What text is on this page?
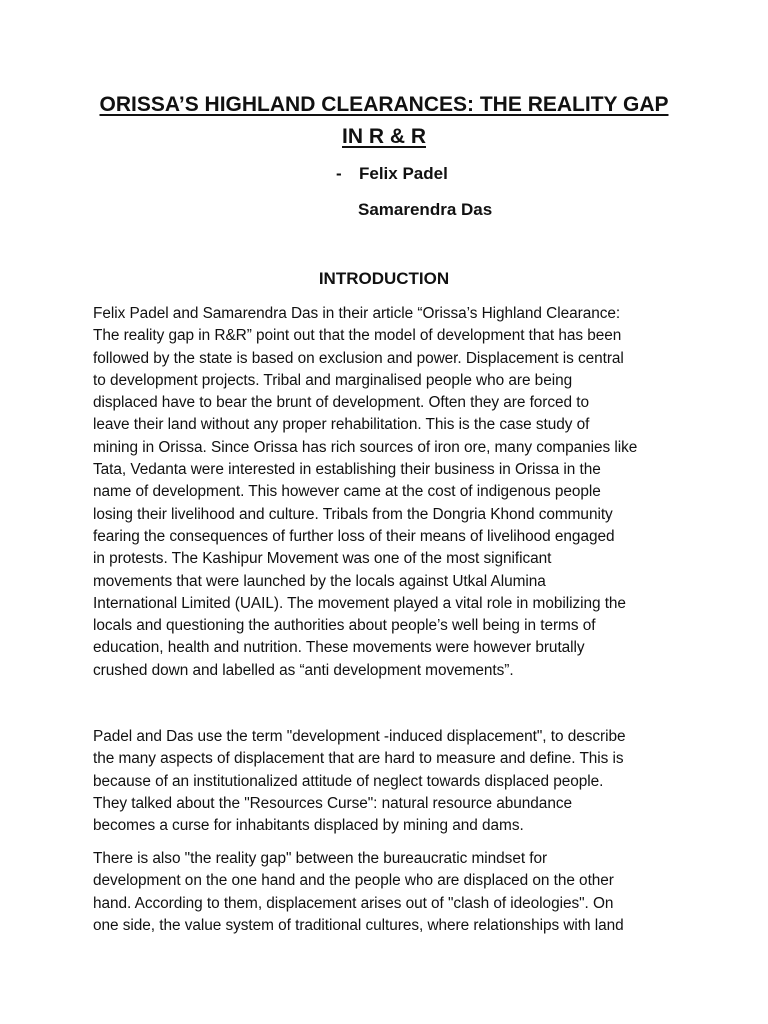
ORISSA’S HIGHLAND CLEARANCES: THE REALITY GAP
IN R & R
- Felix Padel

Samarendra Das

INTRODUCTION

Felix Padel and Samarendra Das in their article “Orissa’s Highland Clearance:
The reality gap in R&R” point out that the model of development that has been
followed by the state is based on exclusion and power. Displacement is central
to development projects. Tribal and marginalised people who are being
displaced have to bear the brunt of development. Often they are forced to
leave their land without any proper rehabilitation. This is the case study of
mining in Orissa. Since Orissa has rich sources of iron ore, many companies like
Tata, Vedanta were interested in establishing their business in Orissa in the
name of development. This however came at the cost of indigenous people
losing their livelihood and culture. Tribals from the Dongria Khond community
fearing the consequences of further loss of their means of livelihood engaged
in protests. The Kashipur Movement was one of the most significant
movements that were launched by the locals against Utkal Alumina
International Limited (UAIL). The movement played a vital role in mobilizing the
locals and questioning the authorities about people’s well being in terms of
education, health and nutrition. These movements were however brutally
crushed down and labelled as “anti development movements”.

Padel and Das use the term "development -induced displacement", to describe
the many aspects of displacement that are hard to measure and define. This is
because of an institutionalized attitude of neglect towards displaced people.
They talked about the "Resources Curse": natural resource abundance
becomes a curse for inhabitants displaced by mining and dams.

There is also "the reality gap" between the bureaucratic mindset for
development on the one hand and the people who are displaced on the other
hand. According to them, displacement arises out of "clash of ideologies". On
one side, the value system of traditional cultures, where relationships with land
